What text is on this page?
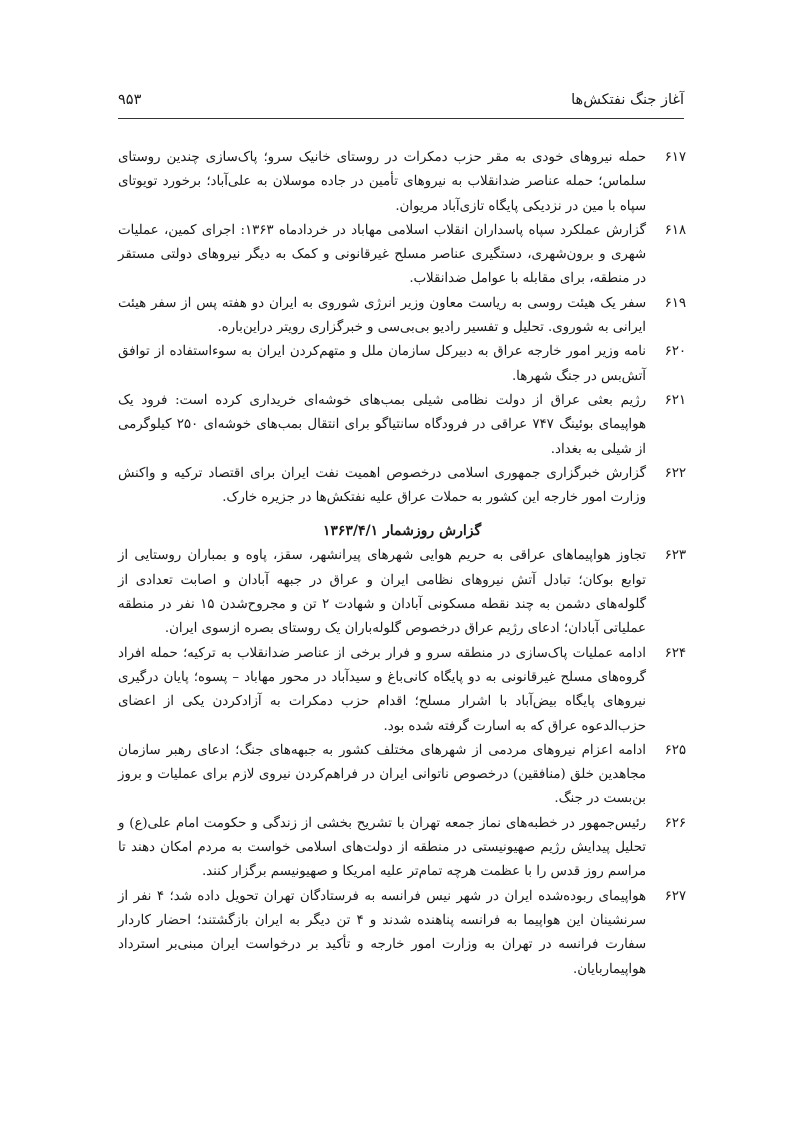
آغاز جنگ نفتکش‌ها
۹۵۳

۶۱۷
حمله نیروهای خودی به مقر حزب دمکرات در روستای خانیک سرو؛ پاک‌سازی چندین روستای سلماس؛ حمله عناصر ضدانقلاب به نیروهای تأمین در جاده موسلان به علی‌آباد؛ برخورد تویوتای سپاه با مین در نزدیکی پایگاه تازی‌آباد مریوان.

۶۱۸
گزارش عملکرد سپاه پاسداران انقلاب اسلامی مهاباد در خردادماه ۱۳۶۳: اجرای کمین، عملیات شهری و برون‌شهری، دستگیری عناصر مسلح غیرقانونی و کمک به دیگر نیروهای دولتی مستقر در منطقه، برای مقابله با عوامل ضدانقلاب.

۶۱۹
سفر یک هیئت روسی به ریاست معاون وزیر انرژی شوروی به ایران دو هفته پس از سفر هیئت ایرانی به شوروی. تحلیل و تفسیر رادیو بی‌بی‌سی و خبرگزاری رویتر دراین‌باره.

۶۲۰
نامه وزیر امور خارجه عراق به دبیرکل سازمان ملل و متهم‌کردن ایران به سوءاستفاده از توافق آتش‌بس در جنگ شهرها.

۶۲۱
رژیم بعثی عراق از دولت نظامی شیلی بمب‌های خوشه‌ای خریداری کرده است: فرود یک هواپیمای بوئینگ ۷۴۷ عراقی در فرودگاه سانتیاگو برای انتقال بمب‌های خوشه‌ای ۲۵۰ کیلوگرمی از شیلی به بغداد.

۶۲۲
گزارش خبرگزاری جمهوری اسلامی درخصوص اهمیت نفت ایران برای اقتصاد ترکیه و واکنش وزارت امور خارجه این کشور به حملات عراق علیه نفتکش‌ها در جزیره خارک.

گزارش روزشمار ۱۳۶۳/۴/۱

۶۲۳
تجاوز هواپیماهای عراقی به حریم هوایی شهرهای پیرانشهر، سقز، پاوه و بمباران روستایی از توابع بوکان؛ تبادل آتش نیروهای نظامی ایران و عراق در جبهه آبادان و اصابت تعدادی از گلوله‌های دشمن به چند نقطه مسکونی آبادان و شهادت ۲ تن و مجروح‌شدن ۱۵ نفر در منطقه عملیاتی آبادان؛ ادعای رژیم عراق درخصوص گلوله‌باران یک روستای بصره ازسوی ایران.

۶۲۴
ادامه عملیات پاک‌سازی در منطقه سرو و فرار برخی از عناصر ضدانقلاب به ترکیه؛ حمله افراد گروه‌های مسلح غیرقانونی به دو پایگاه کانی‌باغ و سیدآباد در محور مهاباد – پسوه؛ پایان درگیری نیروهای پایگاه بیض‌آباد با اشرار مسلح؛ اقدام حزب دمکرات به آزادکردن یکی از اعضای حزب‌الدعوه عراق که به اسارت گرفته شده بود.

۶۲۵
ادامه اعزام نیروهای مردمی از شهرهای مختلف کشور به جبهه‌های جنگ؛ ادعای رهبر سازمان مجاهدین خلق (منافقین) درخصوص ناتوانی ایران در فراهم‌کردن نیروی لازم برای عملیات و بروز بن‌بست در جنگ.

۶۲۶
رئیس‌جمهور در خطبه‌های نماز جمعه تهران با تشریح بخشی از زندگی و حکومت امام علی(ع) و تحلیل پیدایش رژیم صهیونیستی در منطقه از دولت‌های اسلامی خواست به مردم امکان دهند تا مراسم روز قدس را با عظمت هرچه تمام‌تر علیه امریکا و صهیونیسم برگزار کنند.

۶۲۷
هواپیمای ربوده‌شده ایران در شهر نیس فرانسه به فرستادگان تهران تحویل داده شد؛ ۴ نفر از سرنشینان این هواپیما به فرانسه پناهنده شدند و ۴ تن دیگر به ایران بازگشتند؛ احضار کاردار سفارت فرانسه در تهران به وزارت امور خارجه و تأکید بر درخواست ایران مبنی‌بر استرداد هواپیماربایان.
